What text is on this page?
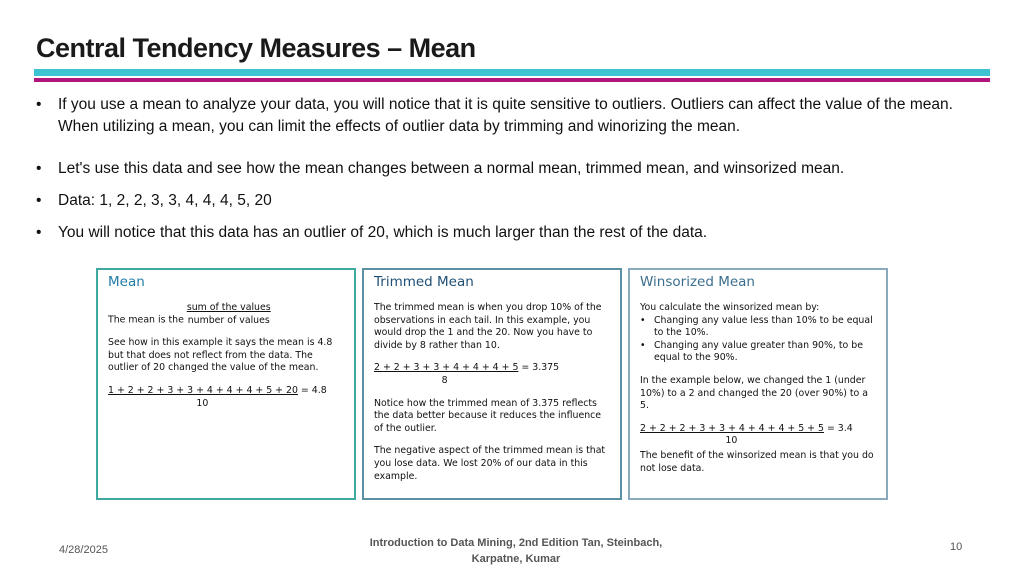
Central Tendency Measures – Mean
•	If you use a mean to analyze your data, you will notice that it is quite sensitive to outliers. Outliers can affect the value of the mean. When utilizing a mean, you can limit the effects of outlier data by trimming and winorizing the mean.
•	Let's use this data and see how the mean changes between a normal mean, trimmed mean, and winsorized mean.
•	Data: 1, 2, 2, 3, 3, 4, 4, 4, 5, 20
•	You will notice that this data has an outlier of 20, which is much larger than the rest of the data.
Mean
The mean is the $\frac{\text{sum of the values}}{\text{number of values}}$
See how in this example it says the mean is 4.8 but that does not reflect from the data. The outlier of 20 changed the value of the mean.
1 + 2 + 2 + 3 + 3 + 4 + 4 + 4 + 5 + 20 = 4.8
10
Trimmed Mean
The trimmed mean is when you drop 10% of the observations in each tail. In this example, you would drop the 1 and the 20. Now you have to divide by 8 rather than 10.
2 + 2 + 3 + 3 + 4 + 4 + 4 + 5 = 3.375
8
Notice how the trimmed mean of 3.375 reflects the data better because it reduces the influence of the outlier.
The negative aspect of the trimmed mean is that you lose data. We lost 20% of our data in this example.
Winsorized Mean
You calculate the winsorized mean by:
• Changing any value less than 10% to be equal to the 10%.
• Changing any value greater than 90%, to be equal to the 90%.
In the example below, we changed the 1 (under 10%) to a 2 and changed the 20 (over 90%) to a 5.
2 + 2 + 2 + 3 + 3 + 4 + 4 + 4 + 5 + 5 = 3.4
10
The benefit of the winsorized mean is that you do not lose data.
4/28/2025
Introduction to Data Mining, 2nd Edition Tan, Steinbach, Karpatne, Kumar
10
